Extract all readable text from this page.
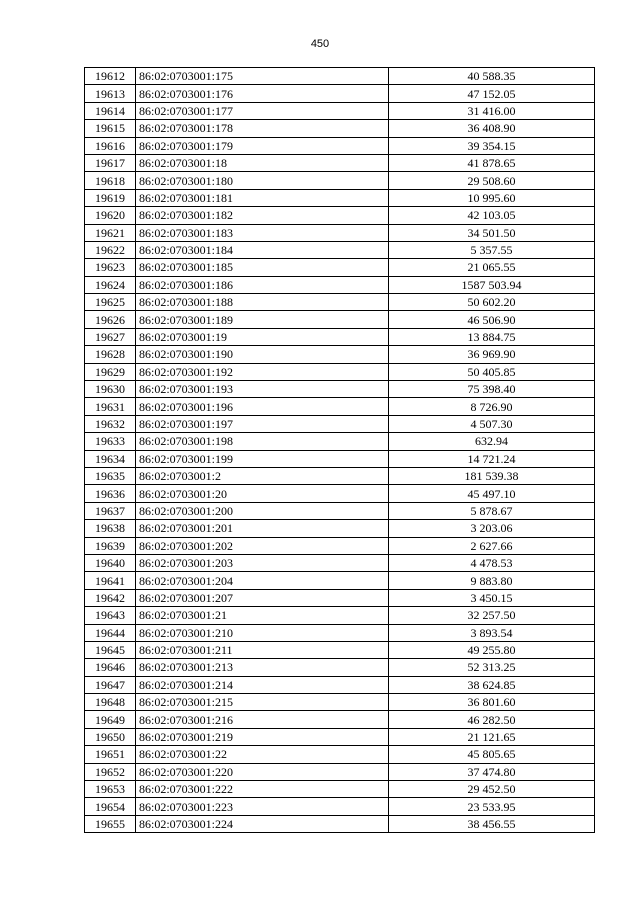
450
19612	86:02:0703001:175	40 588.35
19613	86:02:0703001:176	47 152.05
19614	86:02:0703001:177	31 416.00
19615	86:02:0703001:178	36 408.90
19616	86:02:0703001:179	39 354.15
19617	86:02:0703001:18	41 878.65
19618	86:02:0703001:180	29 508.60
19619	86:02:0703001:181	10 995.60
19620	86:02:0703001:182	42 103.05
19621	86:02:0703001:183	34 501.50
19622	86:02:0703001:184	5 357.55
19623	86:02:0703001:185	21 065.55
19624	86:02:0703001:186	1587 503.94
19625	86:02:0703001:188	50 602.20
19626	86:02:0703001:189	46 506.90
19627	86:02:0703001:19	13 884.75
19628	86:02:0703001:190	36 969.90
19629	86:02:0703001:192	50 405.85
19630	86:02:0703001:193	75 398.40
19631	86:02:0703001:196	8 726.90
19632	86:02:0703001:197	4 507.30
19633	86:02:0703001:198	632.94
19634	86:02:0703001:199	14 721.24
19635	86:02:0703001:2	181 539.38
19636	86:02:0703001:20	45 497.10
19637	86:02:0703001:200	5 878.67
19638	86:02:0703001:201	3 203.06
19639	86:02:0703001:202	2 627.66
19640	86:02:0703001:203	4 478.53
19641	86:02:0703001:204	9 883.80
19642	86:02:0703001:207	3 450.15
19643	86:02:0703001:21	32 257.50
19644	86:02:0703001:210	3 893.54
19645	86:02:0703001:211	49 255.80
19646	86:02:0703001:213	52 313.25
19647	86:02:0703001:214	38 624.85
19648	86:02:0703001:215	36 801.60
19649	86:02:0703001:216	46 282.50
19650	86:02:0703001:219	21 121.65
19651	86:02:0703001:22	45 805.65
19652	86:02:0703001:220	37 474.80
19653	86:02:0703001:222	29 452.50
19654	86:02:0703001:223	23 533.95
19655	86:02:0703001:224	38 456.55
